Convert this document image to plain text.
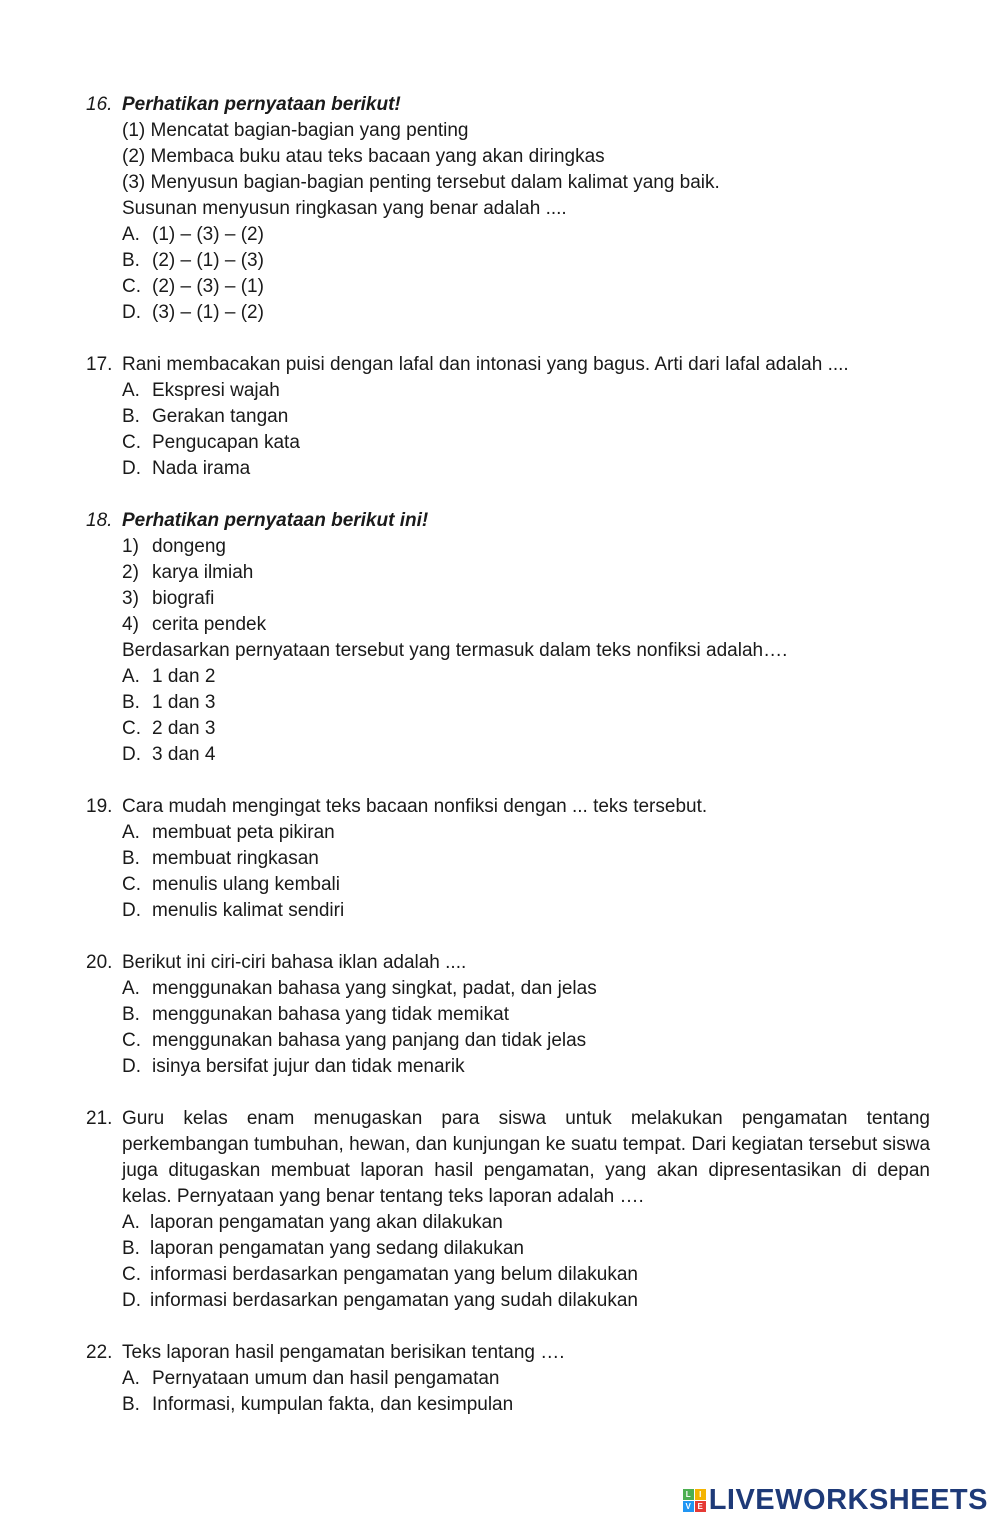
16. Perhatikan pernyataan berikut!
(1) Mencatat bagian-bagian yang penting
(2) Membaca buku atau teks bacaan yang akan diringkas
(3) Menyusun bagian-bagian penting tersebut dalam kalimat yang baik.
Susunan menyusun ringkasan yang benar adalah ....
A. (1) – (3) – (2)
B. (2) – (1) – (3)
C. (2) – (3) – (1)
D. (3) – (1) – (2)
17. Rani membacakan puisi dengan lafal dan intonasi yang bagus. Arti dari lafal adalah ....
A. Ekspresi wajah
B. Gerakan tangan
C. Pengucapan kata
D. Nada irama
18. Perhatikan pernyataan berikut ini!
1) dongeng
2) karya ilmiah
3) biografi
4) cerita pendek
Berdasarkan pernyataan tersebut yang termasuk dalam teks nonfiksi adalah….
A. 1 dan 2
B. 1 dan 3
C. 2 dan 3
D. 3 dan 4
19. Cara mudah mengingat teks bacaan nonfiksi dengan ... teks tersebut.
A. membuat peta pikiran
B. membuat ringkasan
C. menulis ulang kembali
D. menulis kalimat sendiri
20. Berikut ini ciri-ciri bahasa iklan adalah ....
A. menggunakan bahasa yang singkat, padat, dan jelas
B. menggunakan bahasa yang tidak memikat
C. menggunakan bahasa yang panjang dan tidak jelas
D. isinya bersifat jujur dan tidak menarik
21. Guru kelas enam menugaskan para siswa untuk melakukan pengamatan tentang perkembangan tumbuhan, hewan, dan kunjungan ke suatu tempat. Dari kegiatan tersebut siswa juga ditugaskan membuat laporan hasil pengamatan, yang akan dipresentasikan di depan kelas. Pernyataan yang benar tentang teks laporan adalah ….
A. laporan pengamatan yang akan dilakukan
B. laporan pengamatan yang sedang dilakukan
C. informasi berdasarkan pengamatan yang belum dilakukan
D. informasi berdasarkan pengamatan yang sudah dilakukan
22. Teks laporan hasil pengamatan berisikan tentang ….
A. Pernyataan umum dan hasil pengamatan
B. Informasi, kumpulan fakta, dan kesimpulan
L	I
V E LIVEWORKSHEETS
